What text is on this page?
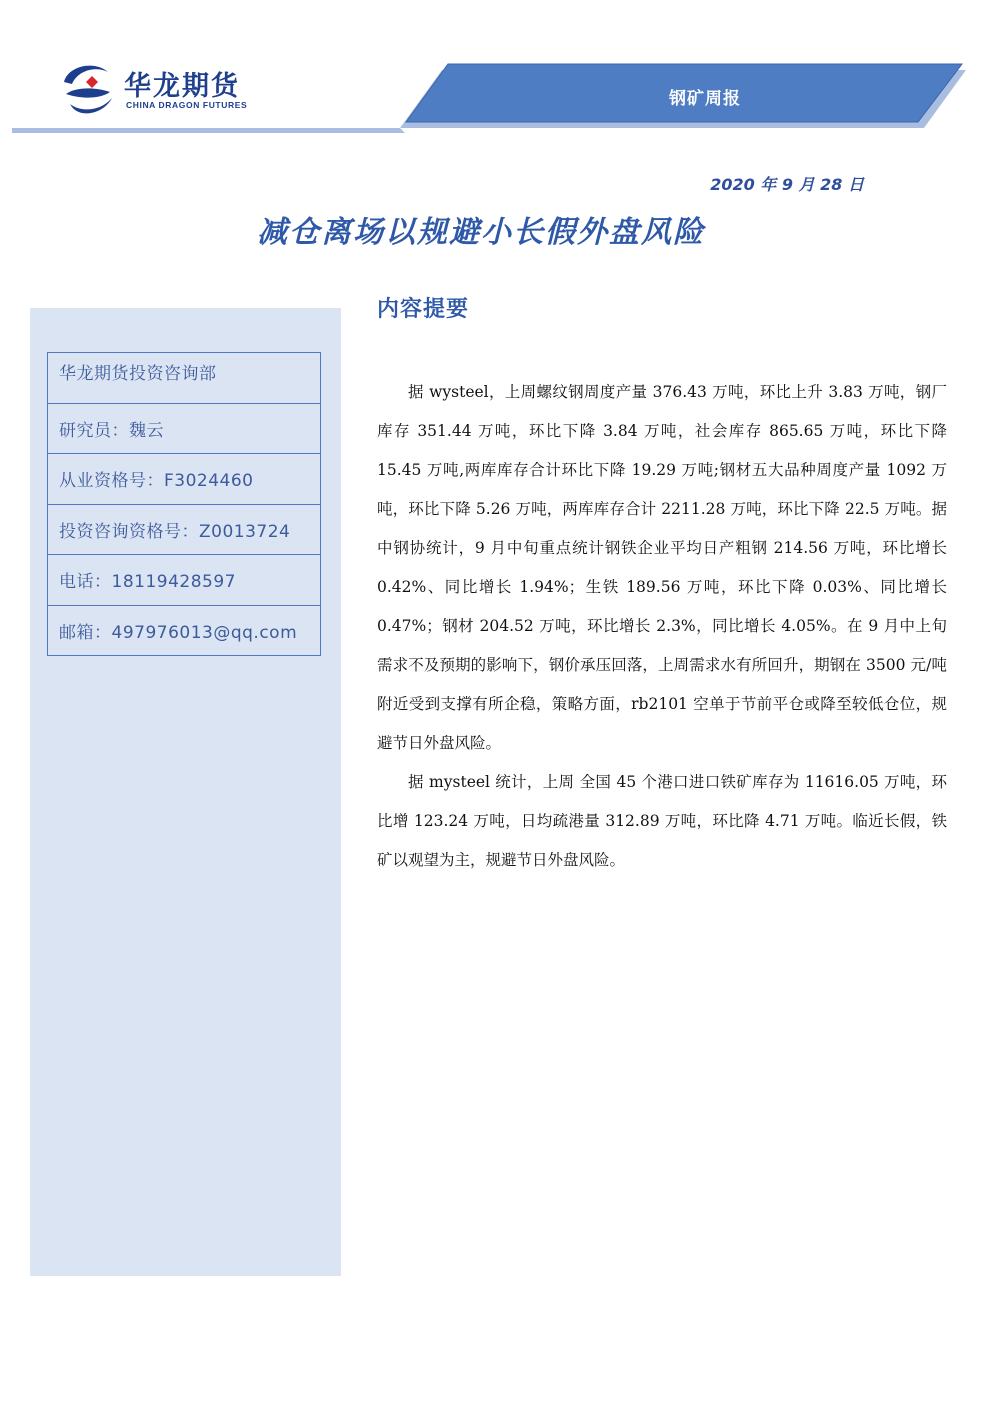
华龙期货
CHINA DRAGON FUTURES	钢矿周报
2020 年 9 月 28 日
减仓离场以规避小长假外盘风险
华龙期货投资咨询部
研究员：魏云
从业资格号：F3024460
投资咨询资格号：Z0013724
电话：18119428597
邮箱：497976013@qq.com
内容提要

据 wysteel，上周螺纹钢周度产量 376.43 万吨，环比上升 3.83 万吨，钢厂库存 351.44 万吨，环比下降 3.84 万吨，社会库存 865.65 万吨，环比下降 15.45 万吨,两库库存合计环比下降 19.29 万吨;钢材五大品种周度产量 1092 万吨，环比下降 5.26 万吨，两库库存合计 2211.28 万吨，环比下降 22.5 万吨。据中钢协统计，9 月中旬重点统计钢铁企业平均日产粗钢 214.56 万吨，环比增长 0.42%、同比增长 1.94%；生铁 189.56 万吨，环比下降 0.03%、同比增长 0.47%；钢材 204.52 万吨，环比增长 2.3%，同比增长 4.05%。在 9 月中上旬需求不及预期的影响下，钢价承压回落，上周需求水有所回升，期钢在 3500 元/吨附近受到支撑有所企稳，策略方面，rb2101 空单于节前平仓或降至较低仓位，规避节日外盘风险。

据 mysteel 统计，上周 全国 45 个港口进口铁矿库存为 11616.05 万吨，环比增 123.24 万吨，日均疏港量 312.89 万吨，环比降 4.71 万吨。临近长假，铁矿以观望为主，规避节日外盘风险。
